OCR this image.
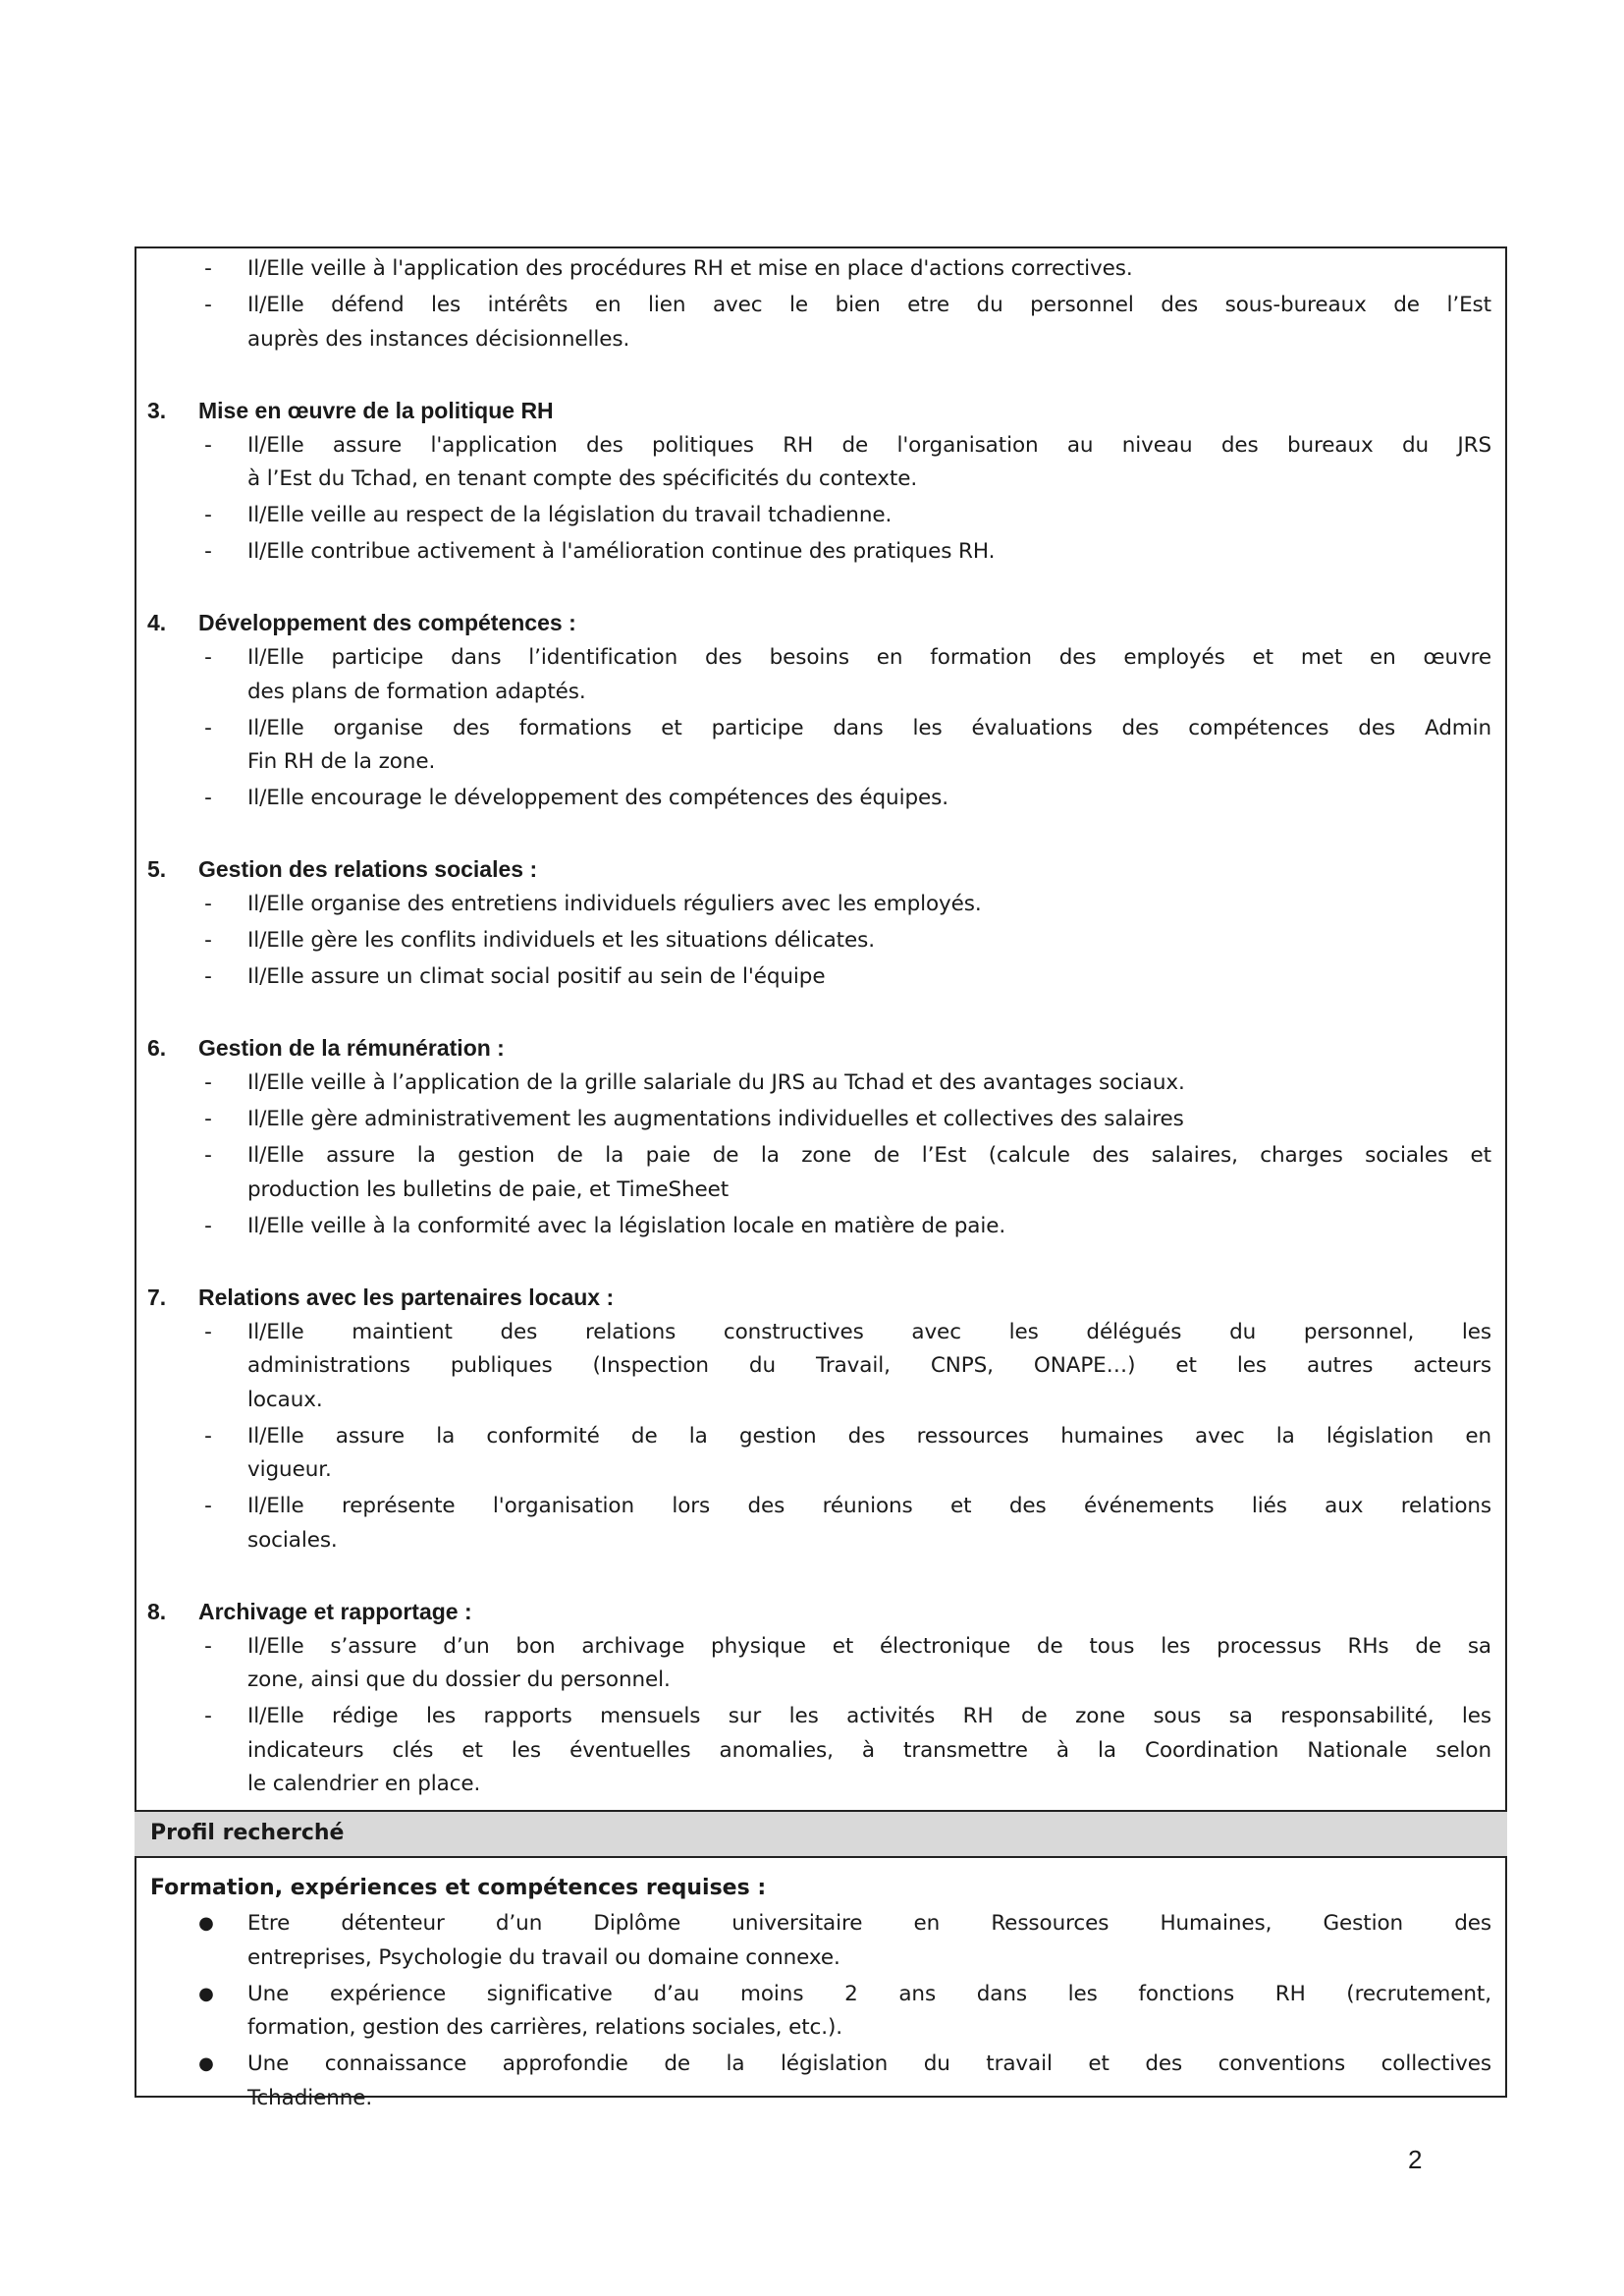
- Il/Elle veille à l'application des procédures RH et mise en place d'actions correctives.
- Il/Elle défend les intérêts en lien avec le bien etre du personnel des sous-bureaux de l’Est
auprès des instances décisionnelles.
3. Mise en œuvre de la politique RH
- Il/Elle assure l'application des politiques RH de l'organisation au niveau des bureaux du JRS
à l’Est du Tchad, en tenant compte des spécificités du contexte.
- Il/Elle veille au respect de la législation du travail tchadienne.
- Il/Elle contribue activement à l'amélioration continue des pratiques RH.
4. Développement des compétences :
- Il/Elle participe dans l’identification des besoins en formation des employés et met en œuvre
des plans de formation adaptés.
- Il/Elle organise des formations et participe dans les évaluations des compétences des Admin
Fin RH de la zone.
- Il/Elle encourage le développement des compétences des équipes.
5. Gestion des relations sociales :
- Il/Elle organise des entretiens individuels réguliers avec les employés.
- Il/Elle gère les conflits individuels et les situations délicates.
- Il/Elle assure un climat social positif au sein de l'équipe
6. Gestion de la rémunération :
- Il/Elle veille à l’application de la grille salariale du JRS au Tchad et des avantages sociaux.
- Il/Elle gère administrativement les augmentations individuelles et collectives des salaires
- Il/Elle assure la gestion de la paie de la zone de l’Est (calcule des salaires, charges sociales et
production les bulletins de paie, et TimeSheet
- Il/Elle veille à la conformité avec la législation locale en matière de paie.
7. Relations avec les partenaires locaux :
- Il/Elle maintient des relations constructives avec les délégués du personnel, les
administrations publiques (Inspection du Travail, CNPS, ONAPE…) et les autres acteurs
locaux.
- Il/Elle assure la conformité de la gestion des ressources humaines avec la législation en
vigueur.
- Il/Elle représente l'organisation lors des réunions et des événements liés aux relations
sociales.
8. Archivage et rapportage :
- Il/Elle s’assure d’un bon archivage physique et électronique de tous les processus RHs de sa
zone, ainsi que du dossier du personnel.
- Il/Elle rédige les rapports mensuels sur les activités RH de zone sous sa responsabilité, les
indicateurs clés et les éventuelles anomalies, à transmettre à la Coordination Nationale selon
le calendrier en place.
Profil recherché
Formation, expériences et compétences requises :
● Etre détenteur d’un Diplôme universitaire en Ressources Humaines, Gestion des
entreprises, Psychologie du travail ou domaine connexe.
● Une expérience significative d’au moins 2 ans dans les fonctions RH (recrutement,
formation, gestion des carrières, relations sociales, etc.).
● Une connaissance approfondie de la législation du travail et des conventions collectives
Tchadienne.
2
